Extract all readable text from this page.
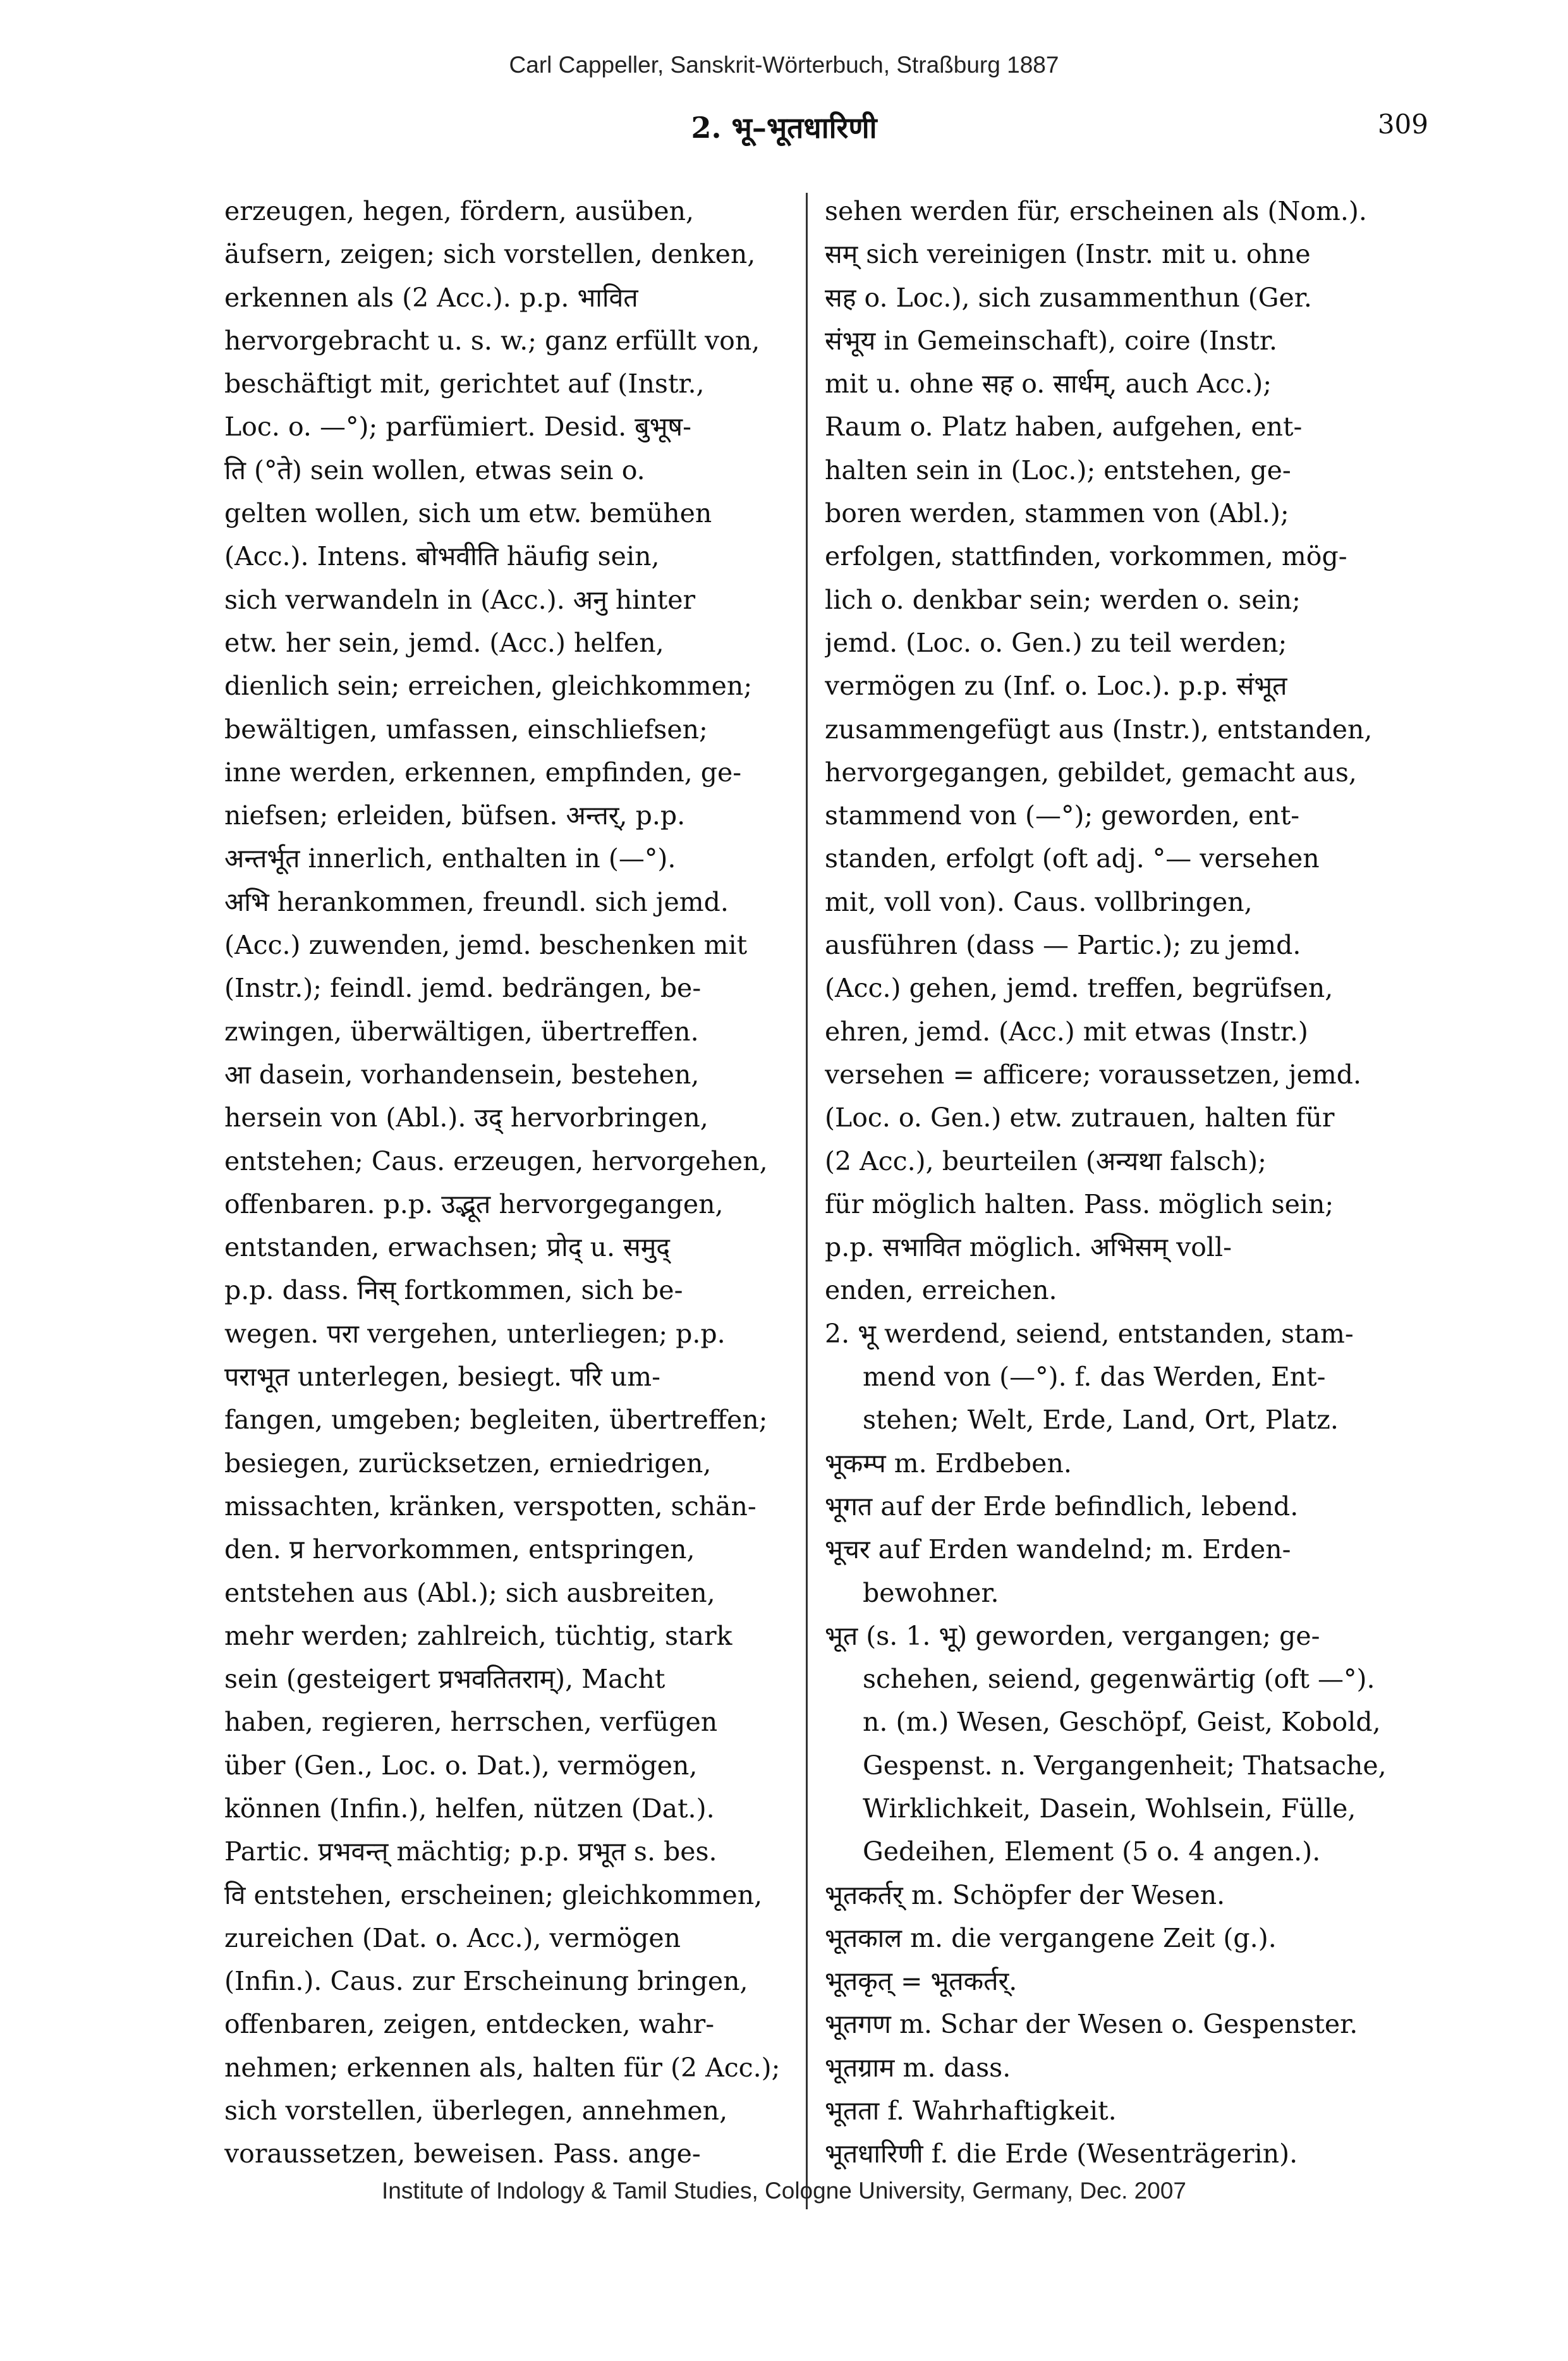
Carl Cappeller, Sanskrit-Wörterbuch, Straßburg 1887
2. भू–भूतधारिणी	309
erzeugen, hegen, fördern, ausüben,
äufsern, zeigen; sich vorstellen, denken,
erkennen als (2 Acc.). p.p. भावित
hervorgebracht u. s. w.; ganz erfüllt von,
beschäftigt mit, gerichtet auf (Instr.,
Loc. o. —°); parfümiert. Desid. बुभूष-
ति (°ते) sein wollen, etwas sein o.
gelten wollen, sich um etw. bemühen
(Acc.). Intens. बोभवीति häufig sein,
sich verwandeln in (Acc.). अनु hinter
etw. her sein, jemd. (Acc.) helfen,
dienlich sein; erreichen, gleichkommen;
bewältigen, umfassen, einschliefsen;
inne werden, erkennen, empfinden, ge-
niefsen; erleiden, büfsen. अन्तर्, p.p.
अन्तर्भूत innerlich, enthalten in (—°).
अभि herankommen, freundl. sich jemd.
(Acc.) zuwenden, jemd. beschenken mit
(Instr.); feindl. jemd. bedrängen, be-
zwingen, überwältigen, übertreffen.
आ dasein, vorhandensein, bestehen,
hersein von (Abl.). उद् hervorbringen,
entstehen; Caus. erzeugen, hervorgehen,
offenbaren. p.p. उद्भूत hervorgegangen,
entstanden, erwachsen; प्रोद् u. समुद्
p.p. dass. निस् fortkommen, sich be-
wegen. परा vergehen, unterliegen; p.p.
पराभूत unterlegen, besiegt. परि um-
fangen, umgeben; begleiten, übertreffen;
besiegen, zurücksetzen, erniedrigen,
missachten, kränken, verspotten, schän-
den. प्र hervorkommen, entspringen,
entstehen aus (Abl.); sich ausbreiten,
mehr werden; zahlreich, tüchtig, stark
sein (gesteigert प्रभवतितराम्), Macht
haben, regieren, herrschen, verfügen
über (Gen., Loc. o. Dat.), vermögen,
können (Infin.), helfen, nützen (Dat.).
Partic. प्रभवन्त् mächtig; p.p. प्रभूत s. bes.
वि entstehen, erscheinen; gleichkommen,
zureichen (Dat. o. Acc.), vermögen
(Infin.). Caus. zur Erscheinung bringen,
offenbaren, zeigen, entdecken, wahr-
nehmen; erkennen als, halten für (2 Acc.);
sich vorstellen, überlegen, annehmen,
voraussetzen, beweisen. Pass. ange-
sehen werden für, erscheinen als (Nom.).
सम् sich vereinigen (Instr. mit u. ohne
सह o. Loc.), sich zusammenthun (Ger.
संभूय in Gemeinschaft), coire (Instr.
mit u. ohne सह o. सार्धम्, auch Acc.);
Raum o. Platz haben, aufgehen, ent-
halten sein in (Loc.); entstehen, ge-
boren werden, stammen von (Abl.);
erfolgen, stattfinden, vorkommen, mög-
lich o. denkbar sein; werden o. sein;
jemd. (Loc. o. Gen.) zu teil werden;
vermögen zu (Inf. o. Loc.). p.p. संभूत
zusammengefügt aus (Instr.), entstanden,
hervorgegangen, gebildet, gemacht aus,
stammend von (—°); geworden, ent-
standen, erfolgt (oft adj. °— versehen
mit, voll von). Caus. vollbringen,
ausführen (dass — Partic.); zu jemd.
(Acc.) gehen, jemd. treffen, begrüfsen,
ehren, jemd. (Acc.) mit etwas (Instr.)
versehen = afficere; voraussetzen, jemd.
(Loc. o. Gen.) etw. zutrauen, halten für
(2 Acc.), beurteilen (अन्यथा falsch);
für möglich halten. Pass. möglich sein;
p.p. सभावित möglich. अभिसम् voll-
enden, erreichen.
2. भू werdend, seiend, entstanden, stam-
mend von (—°). f. das Werden, Ent-
stehen; Welt, Erde, Land, Ort, Platz.
भूकम्प m. Erdbeben.
भूगत auf der Erde befindlich, lebend.
भूचर auf Erden wandelnd; m. Erden-
bewohner.
भूत (s. 1. भू) geworden, vergangen; ge-
schehen, seiend, gegenwärtig (oft —°).
n. (m.) Wesen, Geschöpf, Geist, Kobold,
Gespenst. n. Vergangenheit; Thatsache,
Wirklichkeit, Dasein, Wohlsein, Fülle,
Gedeihen, Element (5 o. 4 angen.).
भूतकर्तर् m. Schöpfer der Wesen.
भूतकाल m. die vergangene Zeit (g.).
भूतकृत् = भूतकर्तर्.
भूतगण m. Schar der Wesen o. Gespenster.
भूतग्राम m. dass.
भूतता f. Wahrhaftigkeit.
भूतधारिणी f. die Erde (Wesenträgerin).
Institute of Indology & Tamil Studies, Cologne University, Germany, Dec. 2007
